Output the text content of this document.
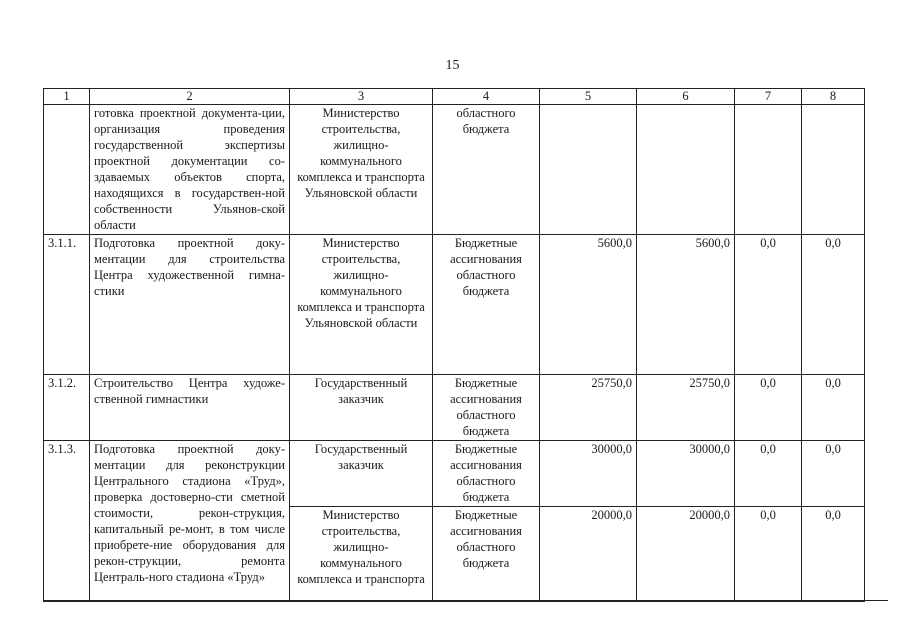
15
1	2	3	4	5	6	7	8
	готовка проектной документа-ции, организация проведения государственной экспертизы проектной документации со-здаваемых объектов спорта, находящихся в государствен-ной собственности Ульянов-ской области	Министерство строительства, жилищно-коммунального комплекса и транспорта Ульяновской области	областного бюджета				
3.1.1.	Подготовка проектной доку-ментации для строительства Центра художественной гимна-стики	Министерство строительства, жилищно-коммунального комплекса и транспорта Ульяновской области	Бюджетные ассигнования областного бюджета	5600,0	5600,0	0,0	0,0
3.1.2.	Строительство Центра художе-ственной гимнастики	Государственный заказчик	Бюджетные ассигнования областного бюджета	25750,0	25750,0	0,0	0,0
3.1.3.	Подготовка проектной доку-ментации для реконструкции Центрального стадиона «Труд», проверка достоверно-сти сметной стоимости, рекон-струкция, капитальный ре-монт, в том числе приобрете-ние оборудования для рекон-струкции, ремонта Централь-ного стадиона «Труд»	Государственный заказчик	Бюджетные ассигнования областного бюджета	30000,0	30000,0	0,0	0,0
		Министерство строительства, жилищно-коммунального комплекса и транспорта	Бюджетные ассигнования областного бюджета	20000,0	20000,0	0,0	0,0
